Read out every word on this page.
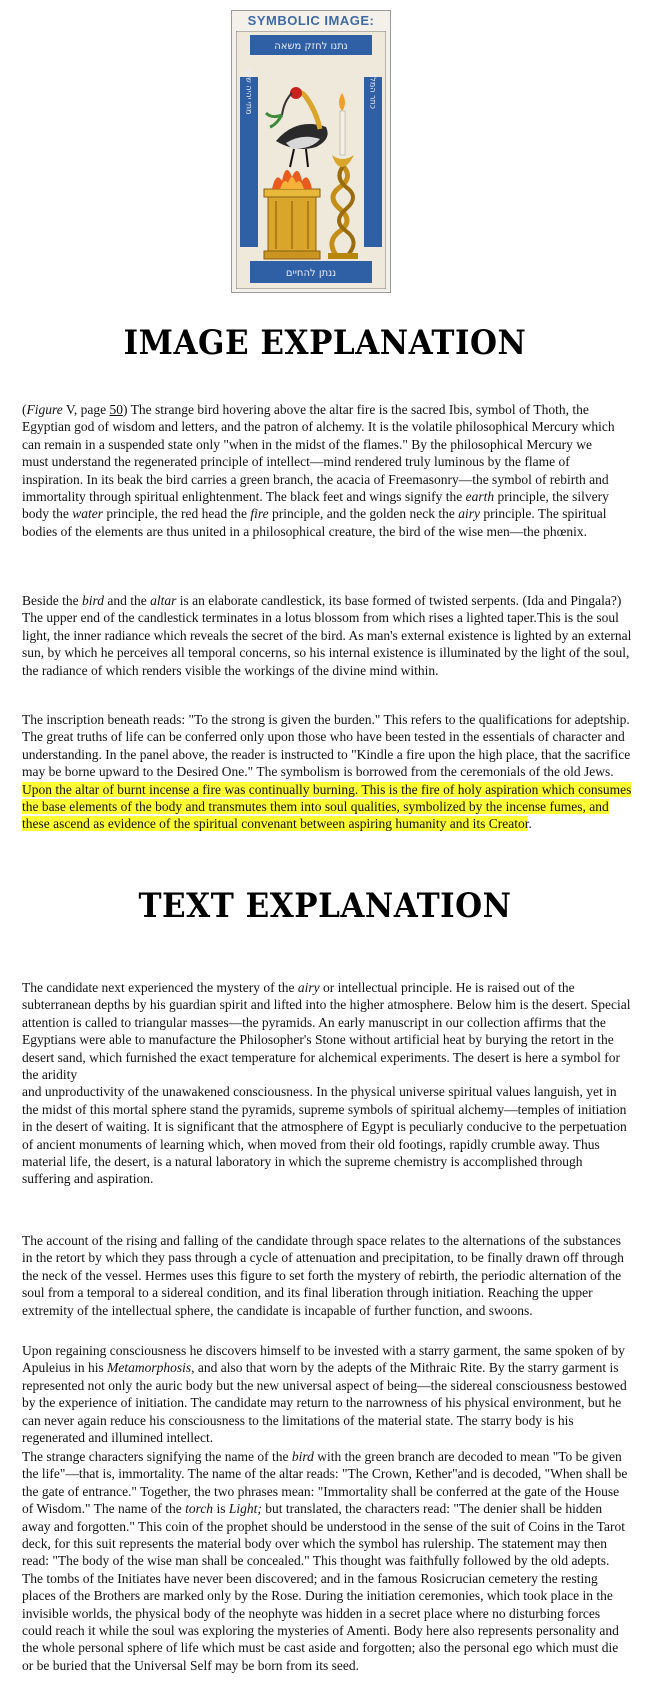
SYMBOLIC IMAGE:
נתנו לחזק משאה
מתי יהיה שער	כתר המלך
ננתן להחיים
IMAGE EXPLANATION

(Figure V, page 50) The strange bird hovering above the altar fire is the sacred Ibis, symbol of Thoth, the Egyptian god of wisdom and letters, and the patron of alchemy. It is the volatile philosophical Mercury which can remain in a suspended state only "when in the midst of the flames." By the philosophical Mercury we
must understand the regenerated principle of intellect—mind rendered truly luminous by the flame of inspiration. In its beak the bird carries a green branch, the acacia of Freemasonry—the symbol of rebirth and immortality through spiritual enlightenment. The black feet and wings signify the earth principle, the silvery body the water principle, the red head the fire principle, and the golden neck the airy principle. The spiritual bodies of the elements are thus united in a philosophical creature, the bird of the wise men—the phœnix.

Beside the bird and the altar is an elaborate candlestick, its base formed of twisted serpents. (Ida and Pingala?) The upper end of the candlestick terminates in a lotus blossom from which rises a lighted taper.This is the soul light, the inner radiance which reveals the secret of the bird. As man's external existence is lighted by an external sun, by which he perceives all temporal concerns, so his internal existence is illuminated by the light of the soul, the radiance of which renders visible the workings of the divine mind within.

The inscription beneath reads: "To the strong is given the burden." This refers to the qualifications for adeptship. The great truths of life can be conferred only upon those who have been tested in the essentials of character and understanding. In the panel above, the reader is instructed to "Kindle a fire upon the high place, that the sacrifice may be borne upward to the Desired One." The symbolism is borrowed from the ceremonials of the old Jews. Upon the altar of burnt incense a fire was continually burning. This is the fire of holy aspiration which consumes the base elements of the body and transmutes them into soul qualities, symbolized by the incense fumes, and these ascend as evidence of the spiritual convenant between aspiring humanity and its Creator.

TEXT EXPLANATION

The candidate next experienced the mystery of the airy or intellectual principle. He is raised out of the subterranean depths by his guardian spirit and lifted into the higher atmosphere. Below him is the desert. Special attention is called to triangular masses—the pyramids. An early manuscript in our collection affirms that the Egyptians were able to manufacture the Philosopher's Stone without artificial heat by burying the retort in the desert sand, which furnished the exact temperature for alchemical experiments. The desert is here a symbol for the aridity
and unproductivity of the unawakened consciousness. In the physical universe spiritual values languish, yet in the midst of this mortal sphere stand the pyramids, supreme symbols of spiritual alchemy—temples of initiation in the desert of waiting. It is significant that the atmosphere of Egypt is peculiarly conducive to the perpetuation of ancient monuments of learning which, when moved from their old footings, rapidly crumble away. Thus material life, the desert, is a natural laboratory in which the supreme chemistry is accomplished through suffering and aspiration.

The account of the rising and falling of the candidate through space relates to the alternations of the substances in the retort by which they pass through a cycle of attenuation and precipitation, to be finally drawn off through the neck of the vessel. Hermes uses this figure to set forth the mystery of rebirth, the periodic alternation of the soul from a temporal to a sidereal condition, and its final liberation through initiation. Reaching the upper extremity of the intellectual sphere, the candidate is incapable of further function, and swoons.

Upon regaining consciousness he discovers himself to be invested with a starry garment, the same spoken of by Apuleius in his Metamorphosis, and also that worn by the adepts of the Mithraic Rite. By the starry garment is represented not only the auric body but the new universal aspect of being—the sidereal consciousness bestowed by the experience of initiation. The candidate may return to the narrowness of his physical environment, but he can never again reduce his consciousness to the limitations of the material state. The starry body is his regenerated and illumined intellect.

The strange characters signifying the name of the bird with the green branch are decoded to mean "To be given the life"—that is, immortality. The name of the altar reads: "The Crown, Kether"and is decoded, "When shall be the gate of entrance." Together, the two phrases mean: "Immortality shall be conferred at the gate of the House of Wisdom." The name of the torch is Light; but translated, the characters read: "The denier shall be hidden away and forgotten." This coin of the prophet should be understood in the sense of the suit of Coins in the Tarot deck, for this suit represents the material body over which the symbol has rulership. The statement may then read: "The body of the wise man shall be concealed." This thought was faithfully followed by the old adepts. The tombs of the Initiates have never been discovered; and in the famous Rosicrucian cemetery the resting places of the Brothers are marked only by the Rose. During the initiation ceremonies, which took place in the invisible worlds, the physical body of the neophyte was hidden in a secret place where no disturbing forces could reach it while the soul was exploring the mysteries of Amenti. Body here also represents personality and the whole personal sphere of life which must be cast aside and forgotten; also the personal ego which must die or be buried that the Universal Self may be born from its seed.
